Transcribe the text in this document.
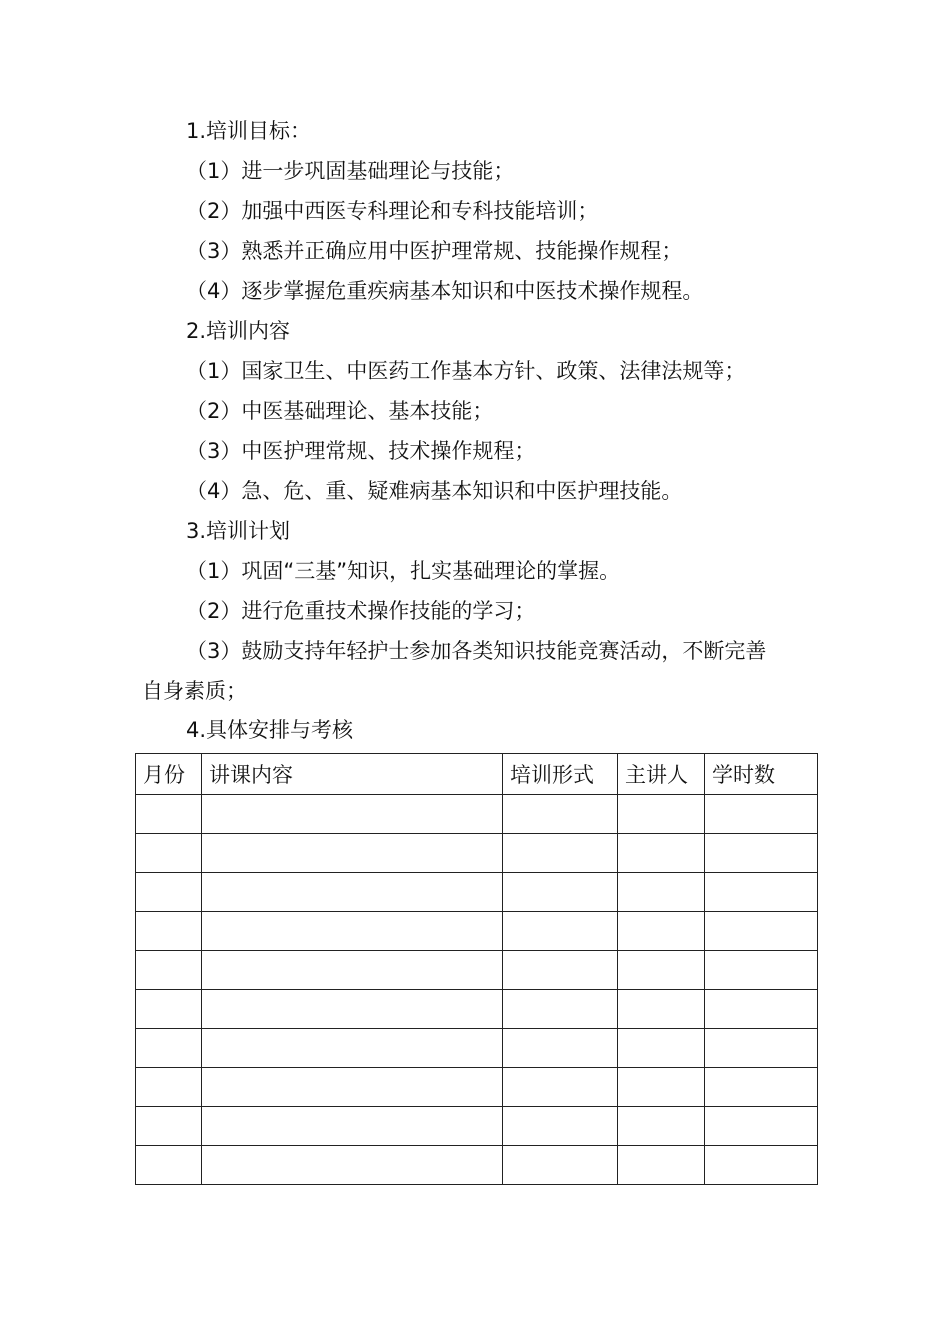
1.培训目标：
（1）进一步巩固基础理论与技能；
（2）加强中西医专科理论和专科技能培训；
（3）熟悉并正确应用中医护理常规、技能操作规程；
（4）逐步掌握危重疾病基本知识和中医技术操作规程。
2.培训内容
（1）国家卫生、中医药工作基本方针、政策、法律法规等；
（2）中医基础理论、基本技能；
（3）中医护理常规、技术操作规程；
（4）急、危、重、疑难病基本知识和中医护理技能。
3.培训计划
（1）巩固“三基”知识，扎实基础理论的掌握。
（2）进行危重技术操作技能的学习；
（3）鼓励支持年轻护士参加各类知识技能竞赛活动，不断完善
自身素质；
4.具体安排与考核
月份	讲课内容	培训形式	主讲人	学时数
